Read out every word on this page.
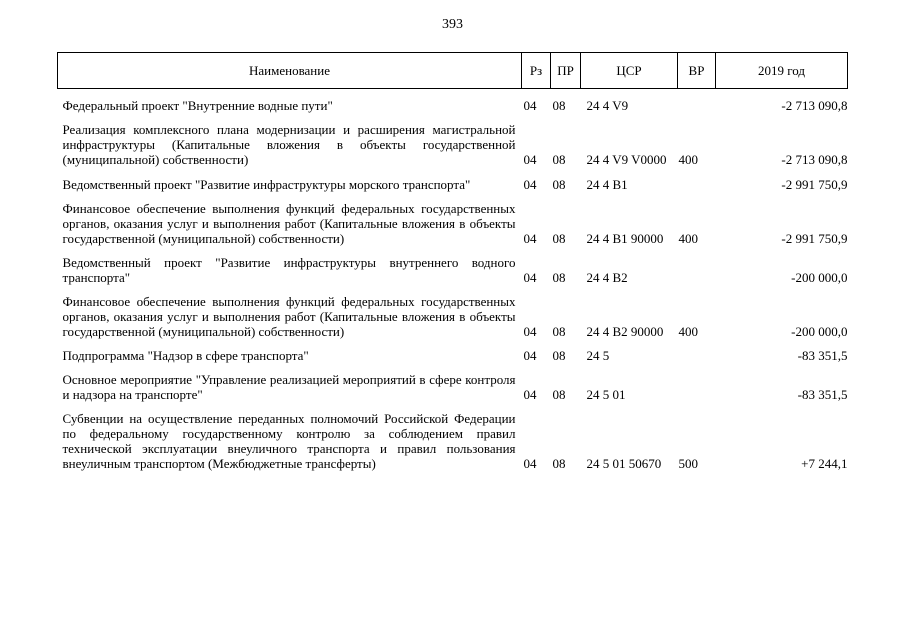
393
Наименование	Рз	ПР	ЦСР	ВР	2019 год

Федеральный проект "Внутренние водные пути"	04	08	24 4 V9		-2 713 090,8

Реализация комплексного плана модернизации и расширения магистральной инфраструктуры (Капитальные вложения в объекты государственной (муниципальной) собственности)	04	08	24 4 V9 V0000	400	-2 713 090,8

Ведомственный проект "Развитие инфраструктуры морского транспорта"	04	08	24 4 В1		-2 991 750,9

Финансовое обеспечение выполнения функций федеральных государственных органов, оказания услуг и выполнения работ (Капитальные вложения в объекты государственной (муниципальной) собственности)	04	08	24 4 В1 90000	400	-2 991 750,9

Ведомственный проект "Развитие инфраструктуры внутреннего водного транспорта"	04	08	24 4 В2		-200 000,0

Финансовое обеспечение выполнения функций федеральных государственных органов, оказания услуг и выполнения работ (Капитальные вложения в объекты государственной (муниципальной) собственности)	04	08	24 4 В2 90000	400	-200 000,0

Подпрограмма "Надзор в сфере транспорта"	04	08	24 5		-83 351,5

Основное мероприятие "Управление реализацией мероприятий в сфере контроля и надзора на транспорте"	04	08	24 5 01		-83 351,5

Субвенции на осуществление переданных полномочий Российской Федерации по федеральному государственному контролю за соблюдением правил технической эксплуатации внеуличного транспорта и правил пользования внеуличным транспортом (Межбюджетные трансферты)	04	08	24 5 01 50670	500	+7 244,1
